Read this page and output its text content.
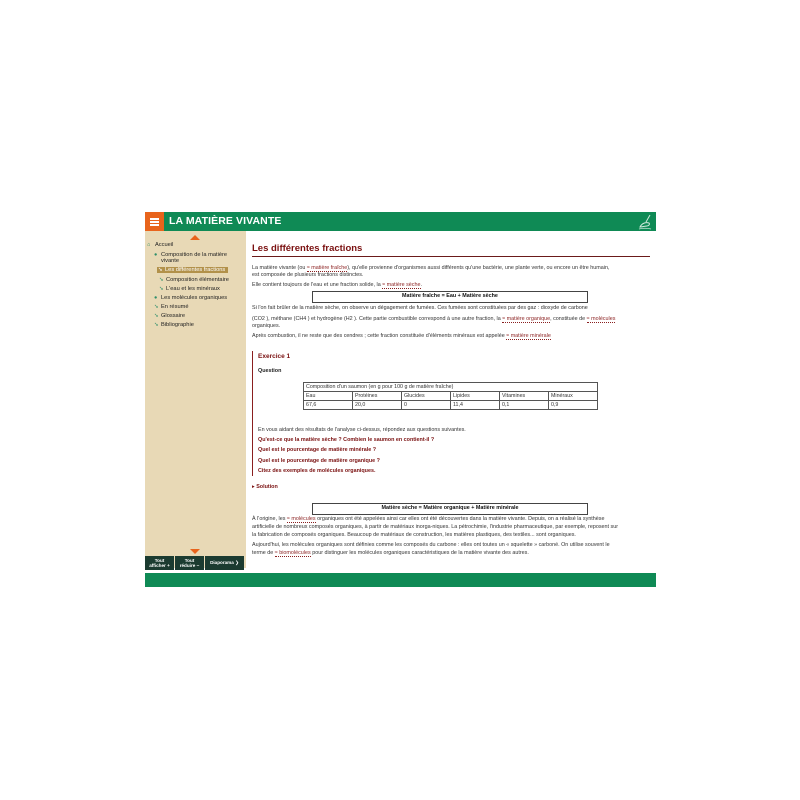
LA MATIÈRE VIVANTE
⌂ Accueil
● Composition de la matière
vivante
➘ Les différentes fractions
➘ Composition élémentaire
➘ L'eau et les minéraux
● Les molécules organiques
➘ En résumé
➘ Glossaire
➘ Bibliographie
Tout
afficher +
Tout
réduire −
Diaporama ❯
Les différentes fractions
La matière vivante (ou ≈ matière fraîche), qu'elle provienne d'organismes aussi différents qu'une bactérie, une plante verte, ou encore un être humain,
est composée de plusieurs fractions distinctes.
Elle contient toujours de l'eau et une fraction solide, la ≈ matière sèche.
Matière fraîche = Eau + Matière sèche
Si l'on fait brûler de la matière sèche, on observe un dégagement de fumées. Ces fumées sont constituées par des gaz : dioxyde de carbone
(CO2 ), méthane (CH4 ) et hydrogène (H2 ). Cette partie combustible correspond à une autre fraction, la ≈ matière organique, constituée de ≈ molécules
organiques.
Après combustion, il ne reste que des cendres ; cette fraction constituée d'éléments minéraux est appelée ≈ matière minérale
Exercice 1
Question
Composition d'un saumon (en g pour 100 g de matière fraîche)					
Eau	Protéines	Glucides	Lipides	Vitamines	Minéraux
67,6	20,0	0	11,4	0,1	0,9
En vous aidant des résultats de l'analyse ci-dessus, répondez aux questions suivantes.
Qu'est-ce que la matière sèche ? Combien le saumon en contient-il ?
Quel est le pourcentage de matière minérale ?
Quel est le pourcentage de matière organique ?
Citez des exemples de molécules organiques.
▸ Solution
Matière sèche = Matière organique + Matière minérale
À l'origine, les ≈ molécules organiques ont été appelées ainsi car elles ont été découvertes dans la matière vivante. Depuis, on a réalisé la synthèse
artificielle de nombreux composés organiques, à partir de matériaux inorga-niques. La pétrochimie, l'industrie pharmaceutique, par exemple, reposent sur
la fabrication de composés organiques. Beaucoup de matériaux de construction, les matières plastiques, des textiles... sont organiques.
Aujourd'hui, les molécules organiques sont définies comme les composés du carbone : elles ont toutes un « squelette » carboné. On utilise souvent le
terme de ≈ biomolécules pour distinguer les molécules organiques caractéristiques de la matière vivante des autres.
